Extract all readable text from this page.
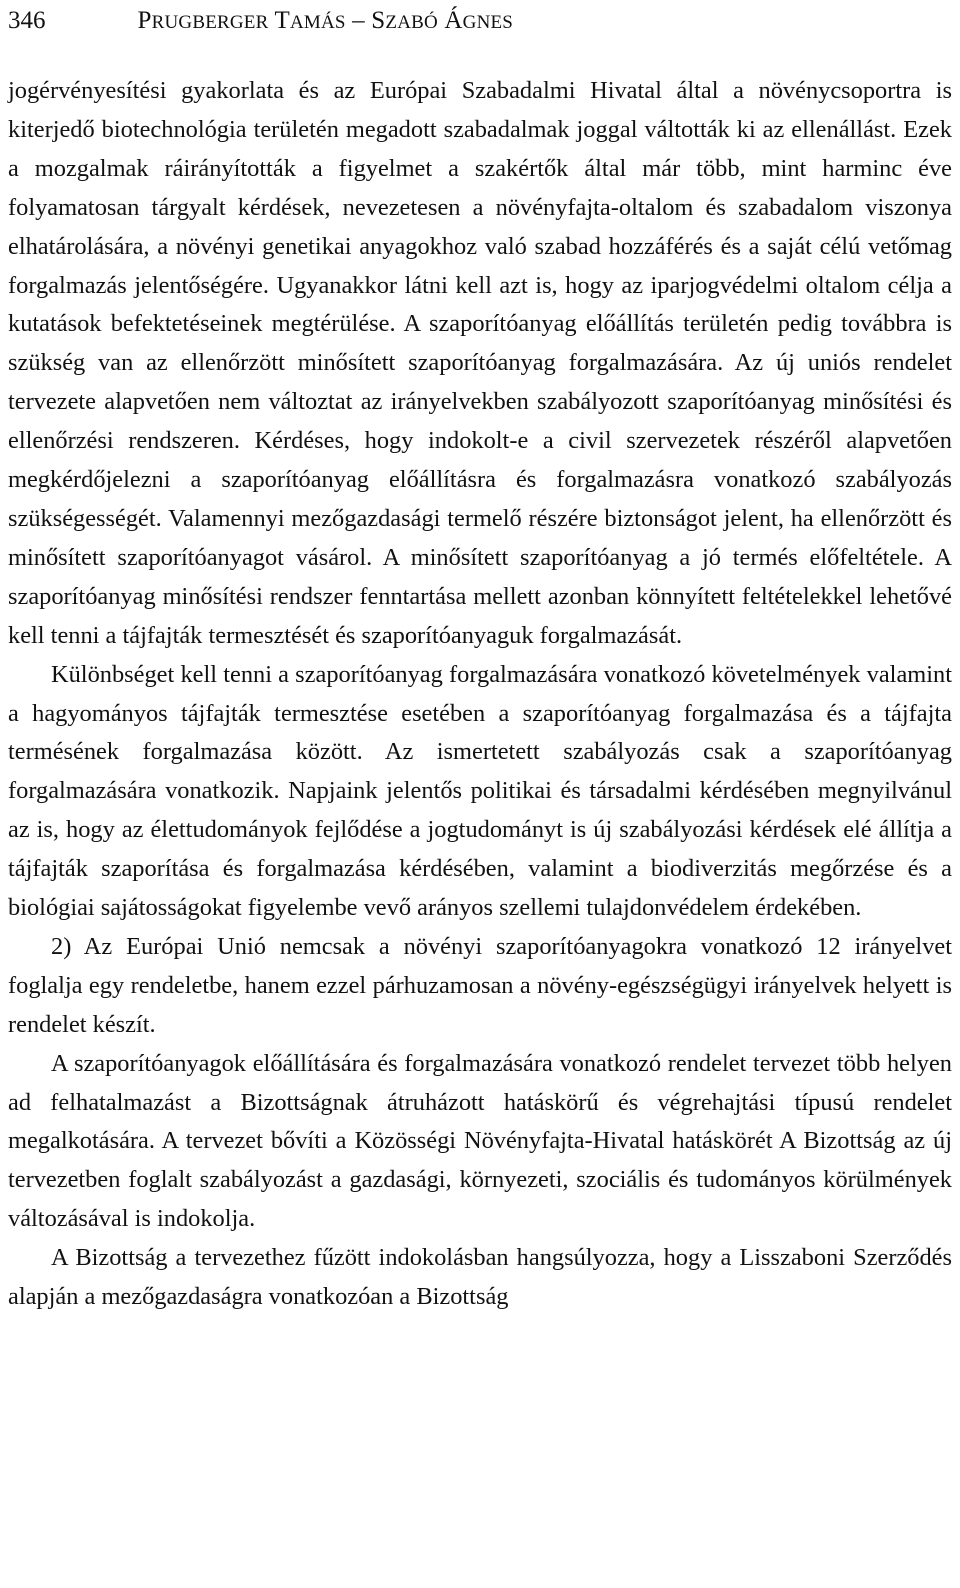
346	PRUGBERGER TAMÁS – SZABÓ ÁGNES

jogérvényesítési gyakorlata és az Európai Szabadalmi Hivatal által a növénycsoportra is kiterjedő biotechnológia területén megadott szabadalmak joggal váltották ki az ellenállást. Ezek a mozgalmak ráirányították a figyelmet a szakértők által már több, mint harminc éve folyamatosan tárgyalt kérdések, nevezetesen a növényfajta-oltalom és szabadalom viszonya elhatárolására, a növényi genetikai anyagokhoz való szabad hozzáférés és a saját célú vetőmag forgalmazás jelentőségére. Ugyanakkor látni kell azt is, hogy az iparjogvédelmi oltalom célja a kutatások befektetéseinek megtérülése. A szaporítóanyag előállítás területén pedig továbbra is szükség van az ellenőrzött minősített szaporítóanyag forgalmazására. Az új uniós rendelet tervezete alapvetően nem változtat az irányelvekben szabályozott szaporítóanyag minősítési és ellenőrzési rendszeren. Kérdéses, hogy indokolt-e a civil szervezetek részéről alapvetően megkérdőjelezni a szaporítóanyag előállításra és forgalmazásra vonatkozó szabályozás szükségességét. Valamennyi mezőgazdasági termelő részére biztonságot jelent, ha ellenőrzött és minősített szaporítóanyagot vásárol. A minősített szaporítóanyag a jó termés előfeltétele. A szaporítóanyag minősítési rendszer fenntartása mellett azonban könnyített feltételekkel lehetővé kell tenni a tájfajták termesztését és szaporítóanyaguk forgalmazását.

Különbséget kell tenni a szaporítóanyag forgalmazására vonatkozó követelmények valamint a hagyományos tájfajták termesztése esetében a szaporítóanyag forgalmazása és a tájfajta termésének forgalmazása között. Az ismertetett szabályozás csak a szaporítóanyag forgalmazására vonatkozik. Napjaink jelentős politikai és társadalmi kérdésében megnyilvánul az is, hogy az élettudományok fejlődése a jogtudományt is új szabályozási kérdések elé állítja a tájfajták szaporítása és forgalmazása kérdésében, valamint a biodiverzitás megőrzése és a biológiai sajátosságokat figyelembe vevő arányos szellemi tulajdonvédelem érdekében.

2) Az Európai Unió nemcsak a növényi szaporítóanyagokra vonatkozó 12 irányelvet foglalja egy rendeletbe, hanem ezzel párhuzamosan a növény-egészségügyi irányelvek helyett is rendelet készít.

A szaporítóanyagok előállítására és forgalmazására vonatkozó rendelet tervezet több helyen ad felhatalmazást a Bizottságnak átruházott hatáskörű és végrehajtási típusú rendelet megalkotására. A tervezet bővíti a Közösségi Növényfajta-Hivatal hatáskörét A Bizottság az új tervezetben foglalt szabályozást a gazdasági, környezeti, szociális és tudományos körülmények változásával is indokolja.

A Bizottság a tervezethez fűzött indokolásban hangsúlyozza, hogy a Lisszaboni Szerződés alapján a mezőgazdaságra vonatkozóan a Bizottság
